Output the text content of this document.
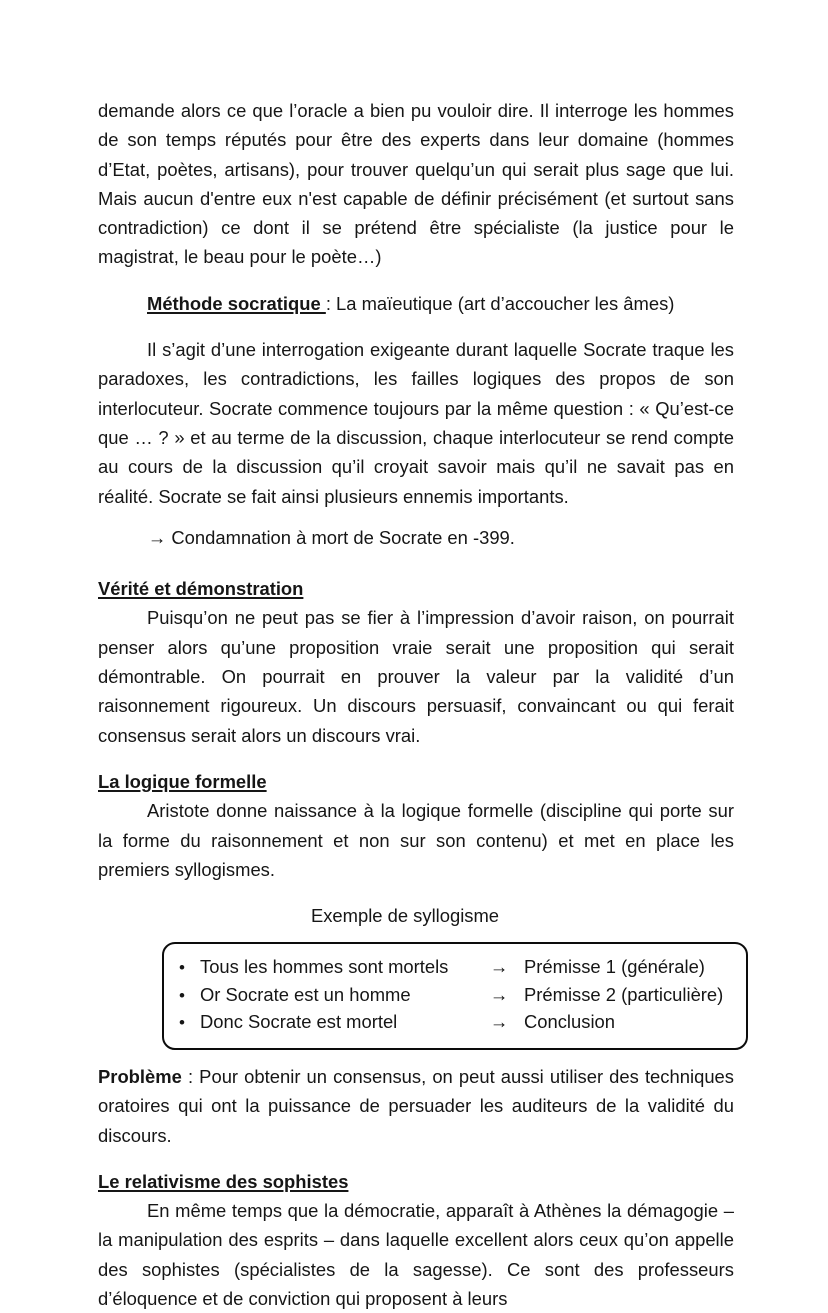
demande alors ce que l’oracle a bien pu vouloir dire. Il interroge les hommes de son temps réputés pour être des experts dans leur domaine (hommes d’Etat, poètes, artisans), pour trouver quelqu’un qui serait plus sage que lui. Mais aucun d'entre eux n'est capable de définir précisément (et surtout sans contradiction) ce dont il se prétend être spécialiste (la justice pour le magistrat, le beau pour le poète…)

Méthode socratique : La maïeutique (art d’accoucher les âmes)

Il s’agit d’une interrogation exigeante durant laquelle Socrate traque les paradoxes, les contradictions, les failles logiques des propos de son interlocuteur. Socrate commence toujours par la même question : « Qu’est-ce que … ? » et au terme de la discussion, chaque interlocuteur se rend compte au cours de la discussion qu’il croyait savoir mais qu’il ne savait pas en réalité. Socrate se fait ainsi plusieurs ennemis importants.

→ Condamnation à mort de Socrate en -399.

Vérité et démonstration

Puisqu’on ne peut pas se fier à l’impression d’avoir raison, on pourrait penser alors qu’une proposition vraie serait une proposition qui serait démontrable. On pourrait en prouver la valeur par la validité d’un raisonnement rigoureux. Un discours persuasif, convaincant ou qui ferait consensus serait alors un discours vrai.

La logique formelle

Aristote donne naissance à la logique formelle (discipline qui porte sur la forme du raisonnement et non sur son contenu) et met en place les premiers syllogismes.

Exemple de syllogisme

• Tous les hommes sont mortels	→ Prémisse 1 (générale)
• Or Socrate est un homme	→ Prémisse 2 (particulière)
• Donc Socrate est mortel	→ Conclusion

Problème : Pour obtenir un consensus, on peut aussi utiliser des techniques oratoires qui ont la puissance de persuader les auditeurs de la validité du discours.

Le relativisme des sophistes

En même temps que la démocratie, apparaît à Athènes la démagogie – la manipulation des esprits – dans laquelle excellent alors ceux qu’on appelle des sophistes (spécialistes de la sagesse). Ce sont des professeurs d’éloquence et de conviction qui proposent à leurs
